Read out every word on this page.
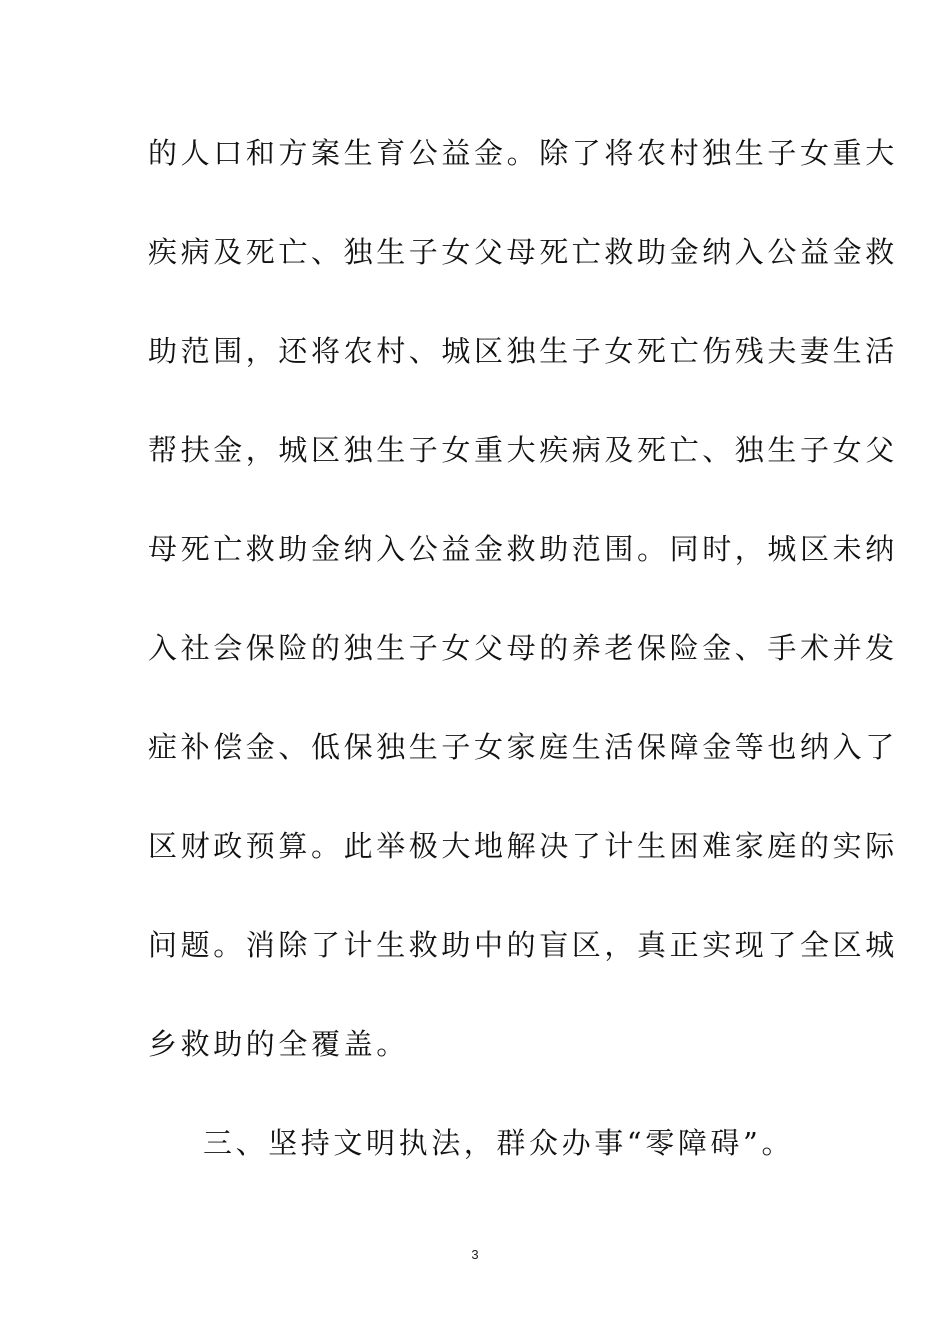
的人口和方案生育公益金。除了将农村独生子女重大
疾病及死亡、独生子女父母死亡救助金纳入公益金救
助范围，还将农村、城区独生子女死亡伤残夫妻生活
帮扶金，城区独生子女重大疾病及死亡、独生子女父
母死亡救助金纳入公益金救助范围。同时，城区未纳
入社会保险的独生子女父母的养老保险金、手术并发
症补偿金、低保独生子女家庭生活保障金等也纳入了
区财政预算。此举极大地解决了计生困难家庭的实际
问题。消除了计生救助中的盲区，真正实现了全区城
乡救助的全覆盖。
三、坚持文明执法，群众办事“零障碍”。
3
